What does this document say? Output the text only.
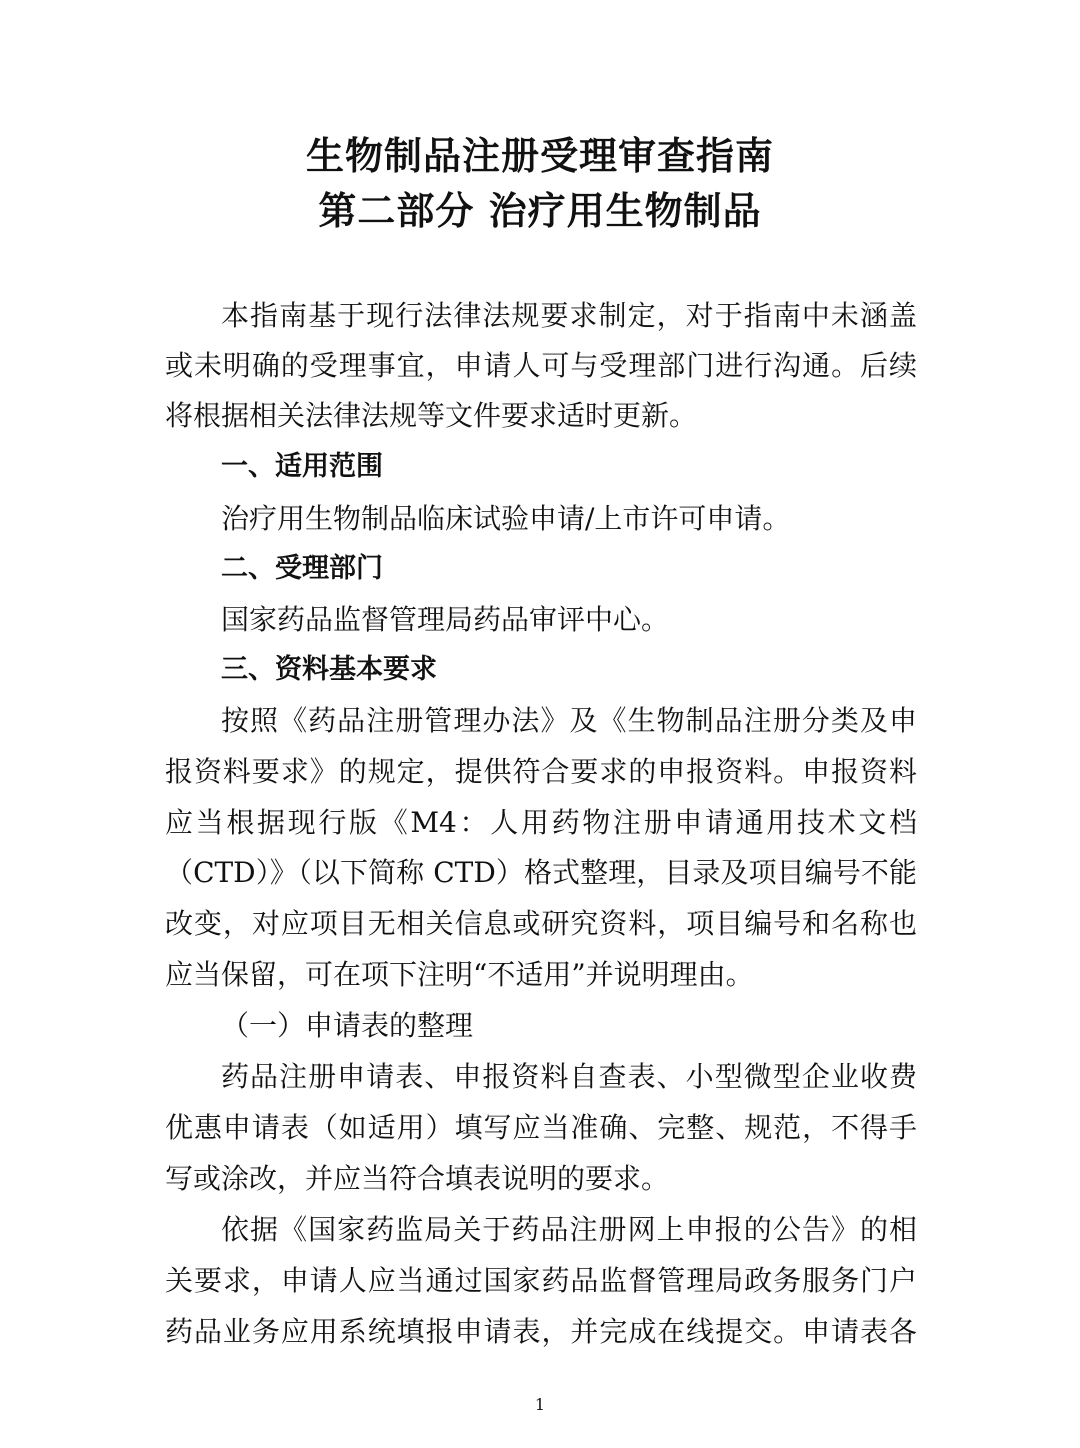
生物制品注册受理审查指南
第二部分 治疗用生物制品

本指南基于现行法律法规要求制定，对于指南中未涵盖

或未明确的受理事宜，申请人可与受理部门进行沟通。后续

将根据相关法律法规等文件要求适时更新。

一、适用范围

治疗用生物制品临床试验申请/上市许可申请。

二、受理部门

国家药品监督管理局药品审评中心。

三、资料基本要求

按照《药品注册管理办法》及《生物制品注册分类及申

报资料要求》的规定，提供符合要求的申报资料。申报资料

应当根据现行版《M4：人用药物注册申请通用技术文档

（CTD）》（以下简称 CTD）格式整理，目录及项目编号不能

改变，对应项目无相关信息或研究资料，项目编号和名称也

应当保留，可在项下注明“不适用”并说明理由。

（一）申请表的整理

药品注册申请表、申报资料自查表、小型微型企业收费

优惠申请表（如适用）填写应当准确、完整、规范，不得手

写或涂改，并应当符合填表说明的要求。

依据《国家药监局关于药品注册网上申报的公告》的相

关要求，申请人应当通过国家药品监督管理局政务服务门户

药品业务应用系统填报申请表，并完成在线提交。申请表各

1
